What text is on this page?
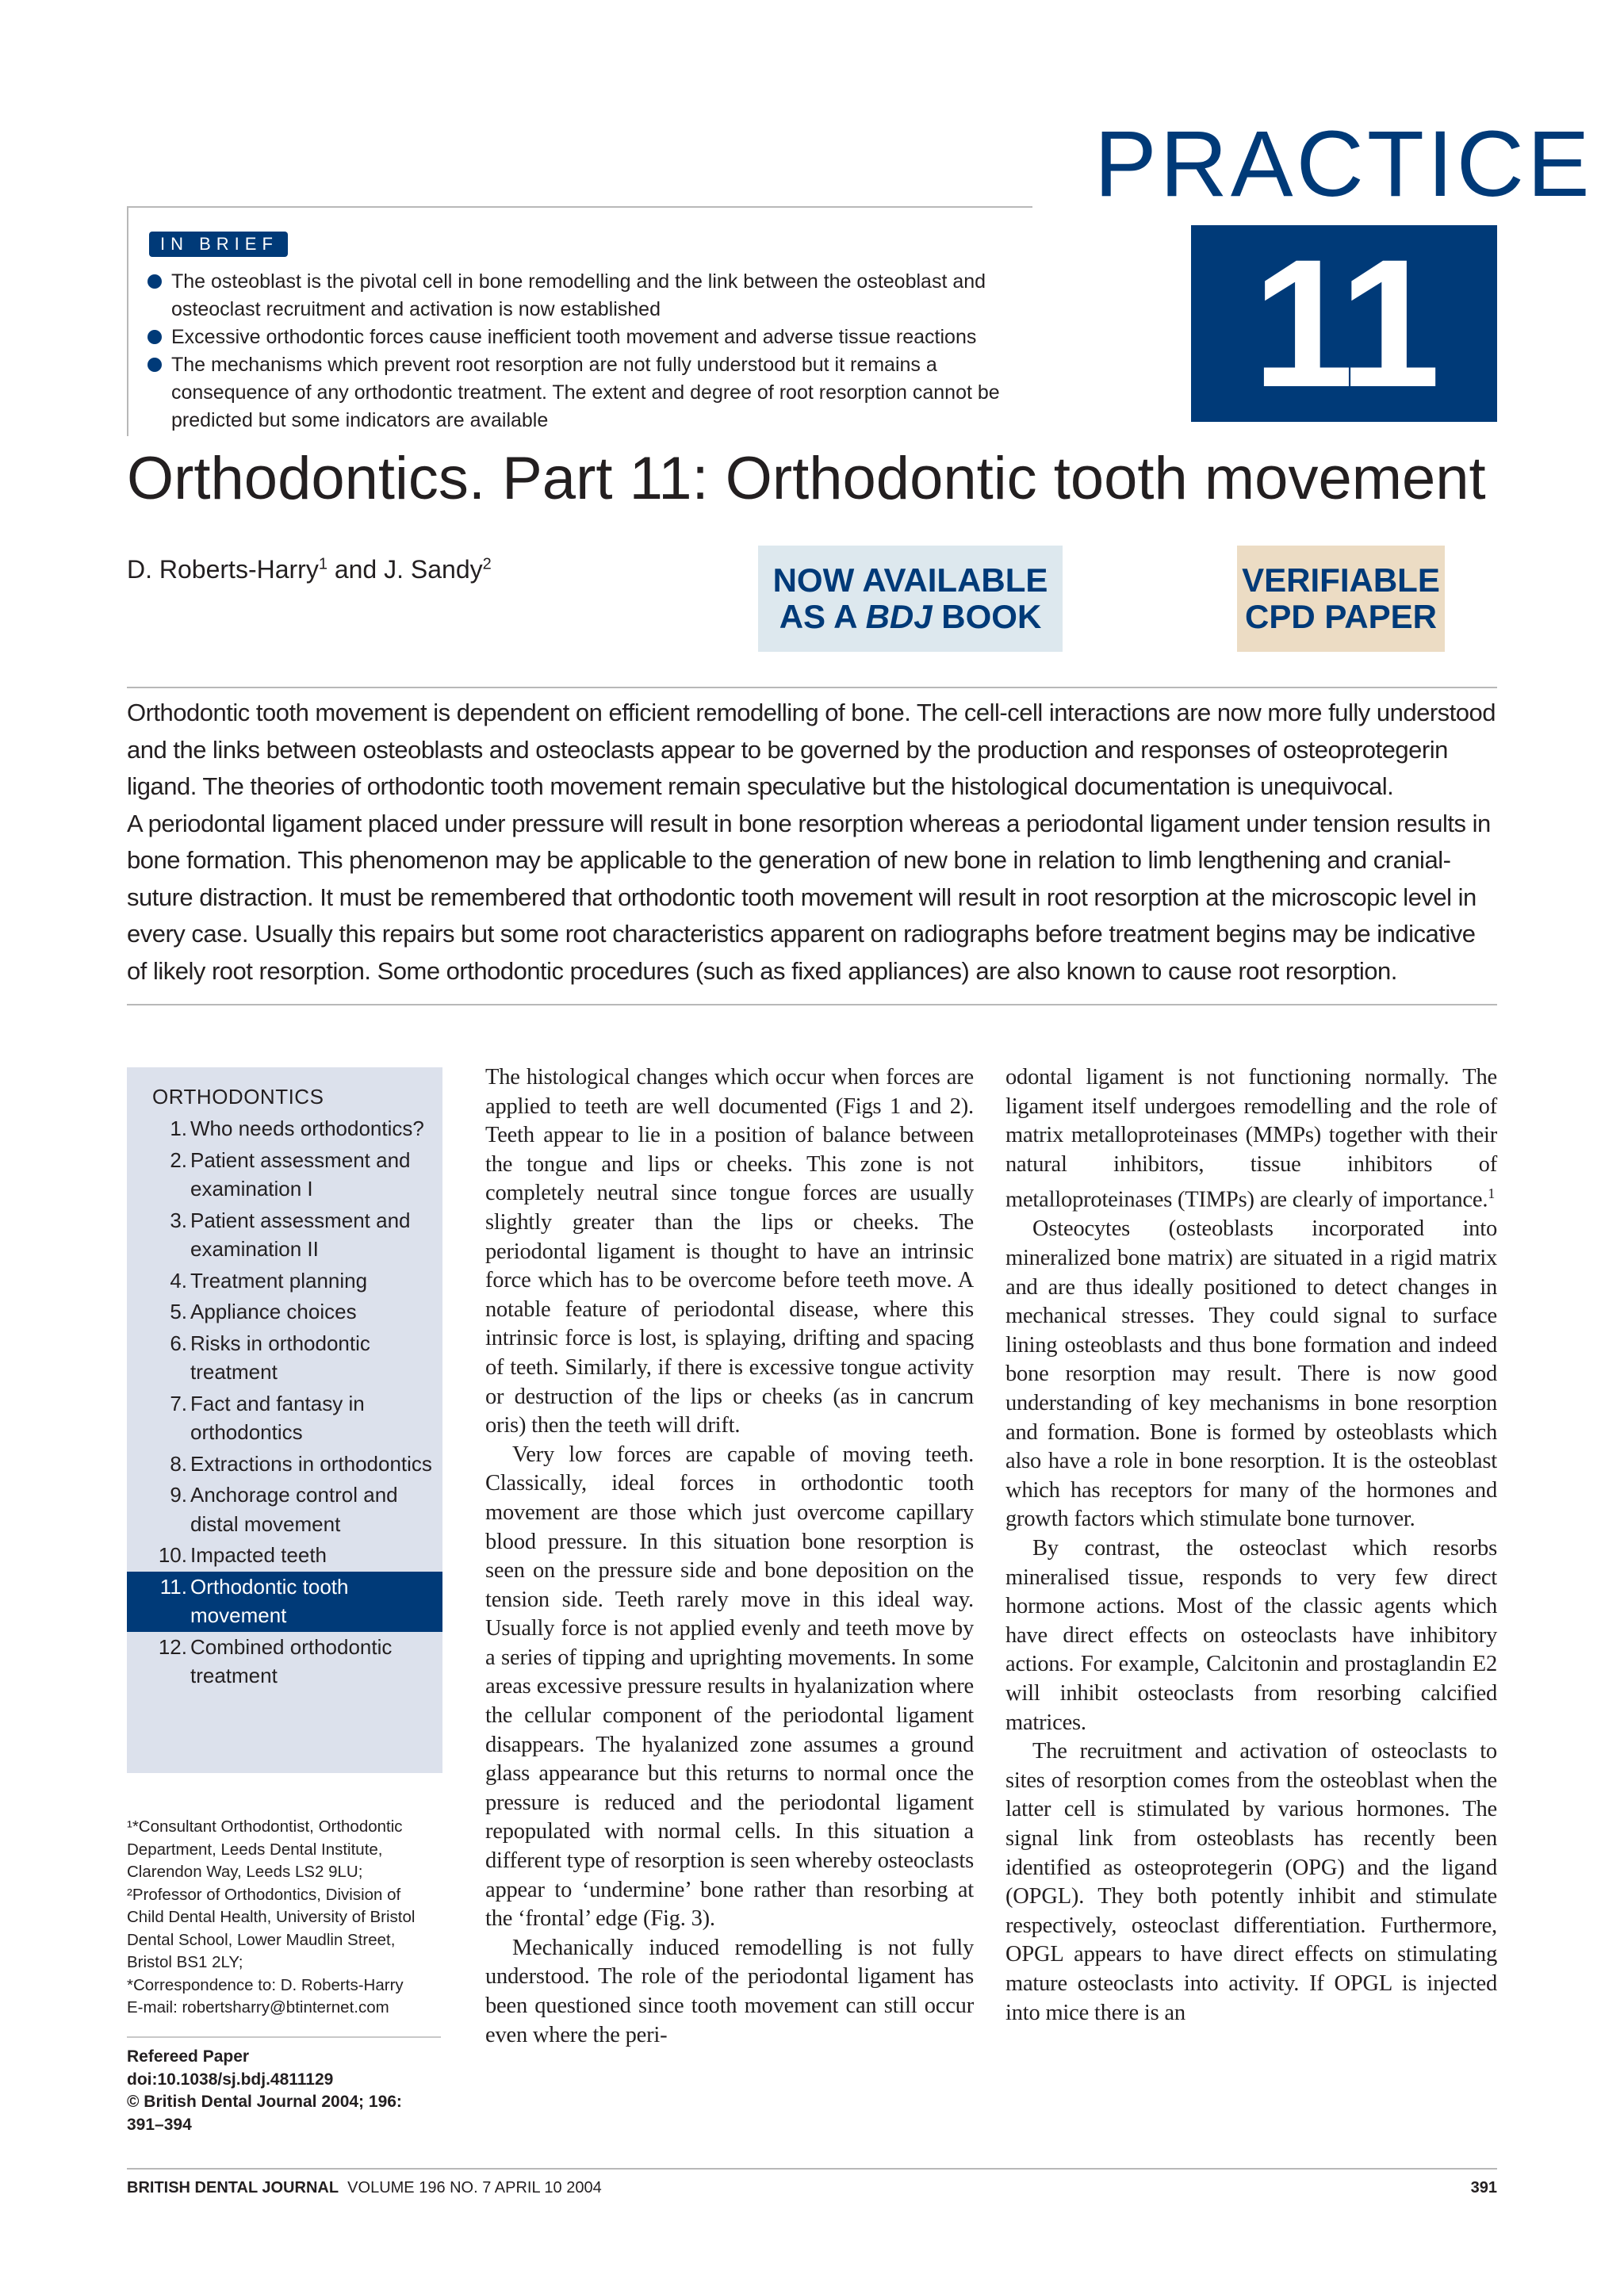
PRACTICE
11
IN BRIEF
The osteoblast is the pivotal cell in bone remodelling and the link between the osteoblast and osteoclast recruitment and activation is now established
Excessive orthodontic forces cause inefficient tooth movement and adverse tissue reactions
The mechanisms which prevent root resorption are not fully understood but it remains a consequence of any orthodontic treatment. The extent and degree of root resorption cannot be predicted but some indicators are available
Orthodontics. Part 11: Orthodontic tooth movement
D. Roberts-Harry$^1$ and J. Sandy$^2$	NOW AVAILABLE
AS A BDJ BOOK
VERIFIABLE
CPD PAPER

Orthodontic tooth movement is dependent on efficient remodelling of bone. The cell-cell interactions are now more fully understood and the links between osteoblasts and osteoclasts appear to be governed by the production and responses of osteoprotegerin ligand. The theories of orthodontic tooth movement remain speculative but the histological documentation is unequivocal.

A periodontal ligament placed under pressure will result in bone resorption whereas a periodontal ligament under tension results in bone formation. This phenomenon may be applicable to the generation of new bone in relation to limb lengthening and cranial-suture distraction. It must be remembered that orthodontic tooth movement will result in root resorption at the microscopic level in every case. Usually this repairs but some root characteristics apparent on radiographs before treatment begins may be indicative of likely root resorption. Some orthodontic procedures (such as fixed appliances) are also known to cause root resorption.

ORTHODONTICS
1. Who needs orthodontics?
2. Patient assessment and examination I
3. Patient assessment and examination II
4. Treatment planning
5. Appliance choices
6. Risks in orthodontic treatment
7. Fact and fantasy in orthodontics
8. Extractions in orthodontics
9. Anchorage control and distal movement
10. Impacted teeth
11. Orthodontic tooth movement
12. Combined orthodontic treatment

¹*Consultant Orthodontist, Orthodontic Department, Leeds Dental Institute, Clarendon Way, Leeds LS2 9LU;

²Professor of Orthodontics, Division of Child Dental Health, University of Bristol Dental School, Lower Maudlin Street, Bristol BS1 2LY;

*Correspondence to: D. Roberts-Harry

E-mail: robertsharry@btinternet.com

Refereed Paper

doi:10.1038/sj.bdj.4811129

© British Dental Journal 2004; 196: 391–394

The histological changes which occur when forces are applied to teeth are well documented (Figs 1 and 2). Teeth appear to lie in a position of balance between the tongue and lips or cheeks. This zone is not completely neutral since tongue forces are usually slightly greater than the lips or cheeks. The periodontal ligament is thought to have an intrinsic force which has to be overcome before teeth move. A notable feature of periodontal disease, where this intrinsic force is lost, is splaying, drifting and spacing of teeth. Similarly, if there is excessive tongue activity or destruction of the lips or cheeks (as in cancrum oris) then the teeth will drift.

Very low forces are capable of moving teeth. Classically, ideal forces in orthodontic tooth movement are those which just overcome capillary blood pressure. In this situation bone resorption is seen on the pressure side and bone deposition on the tension side. Teeth rarely move in this ideal way. Usually force is not applied evenly and teeth move by a series of tipping and uprighting movements. In some areas excessive pressure results in hyalanization where the cellular component of the periodontal ligament disappears. The hyalanized zone assumes a ground glass appearance but this returns to normal once the pressure is reduced and the periodontal ligament repopulated with normal cells. In this situation a different type of resorption is seen whereby osteoclasts appear to ‘undermine’ bone rather than resorbing at the ‘frontal’ edge (Fig. 3).

Mechanically induced remodelling is not fully understood. The role of the periodontal ligament has been questioned since tooth movement can still occur even where the peri-

odontal ligament is not functioning normally. The ligament itself undergoes remodelling and the role of matrix metalloproteinases (MMPs) together with their natural inhibitors, tissue inhibitors of metalloproteinases (TIMPs) are clearly of importance.$^1$

Osteocytes (osteoblasts incorporated into mineralized bone matrix) are situated in a rigid matrix and are thus ideally positioned to detect changes in mechanical stresses. They could signal to surface lining osteoblasts and thus bone formation and indeed bone resorption may result. There is now good understanding of key mechanisms in bone resorption and formation. Bone is formed by osteoblasts which also have a role in bone resorption. It is the osteoblast which has receptors for many of the hormones and growth factors which stimulate bone turnover.

By contrast, the osteoclast which resorbs mineralised tissue, responds to very few direct hormone actions. Most of the classic agents which have direct effects on osteoclasts have inhibitory actions. For example, Calcitonin and prostaglandin E2 will inhibit osteoclasts from resorbing calcified matrices.

The recruitment and activation of osteoclasts to sites of resorption comes from the osteoblast when the latter cell is stimulated by various hormones. The signal link from osteoblasts has recently been identified as osteoprotegerin (OPG) and the ligand (OPGL). They both potently inhibit and stimulate respectively, osteoclast differentiation. Furthermore, OPGL appears to have direct effects on stimulating mature osteoclasts into activity. If OPGL is injected into mice there is an

BRITISH DENTAL JOURNAL VOLUME 196 NO. 7 APRIL 10 2004	391
